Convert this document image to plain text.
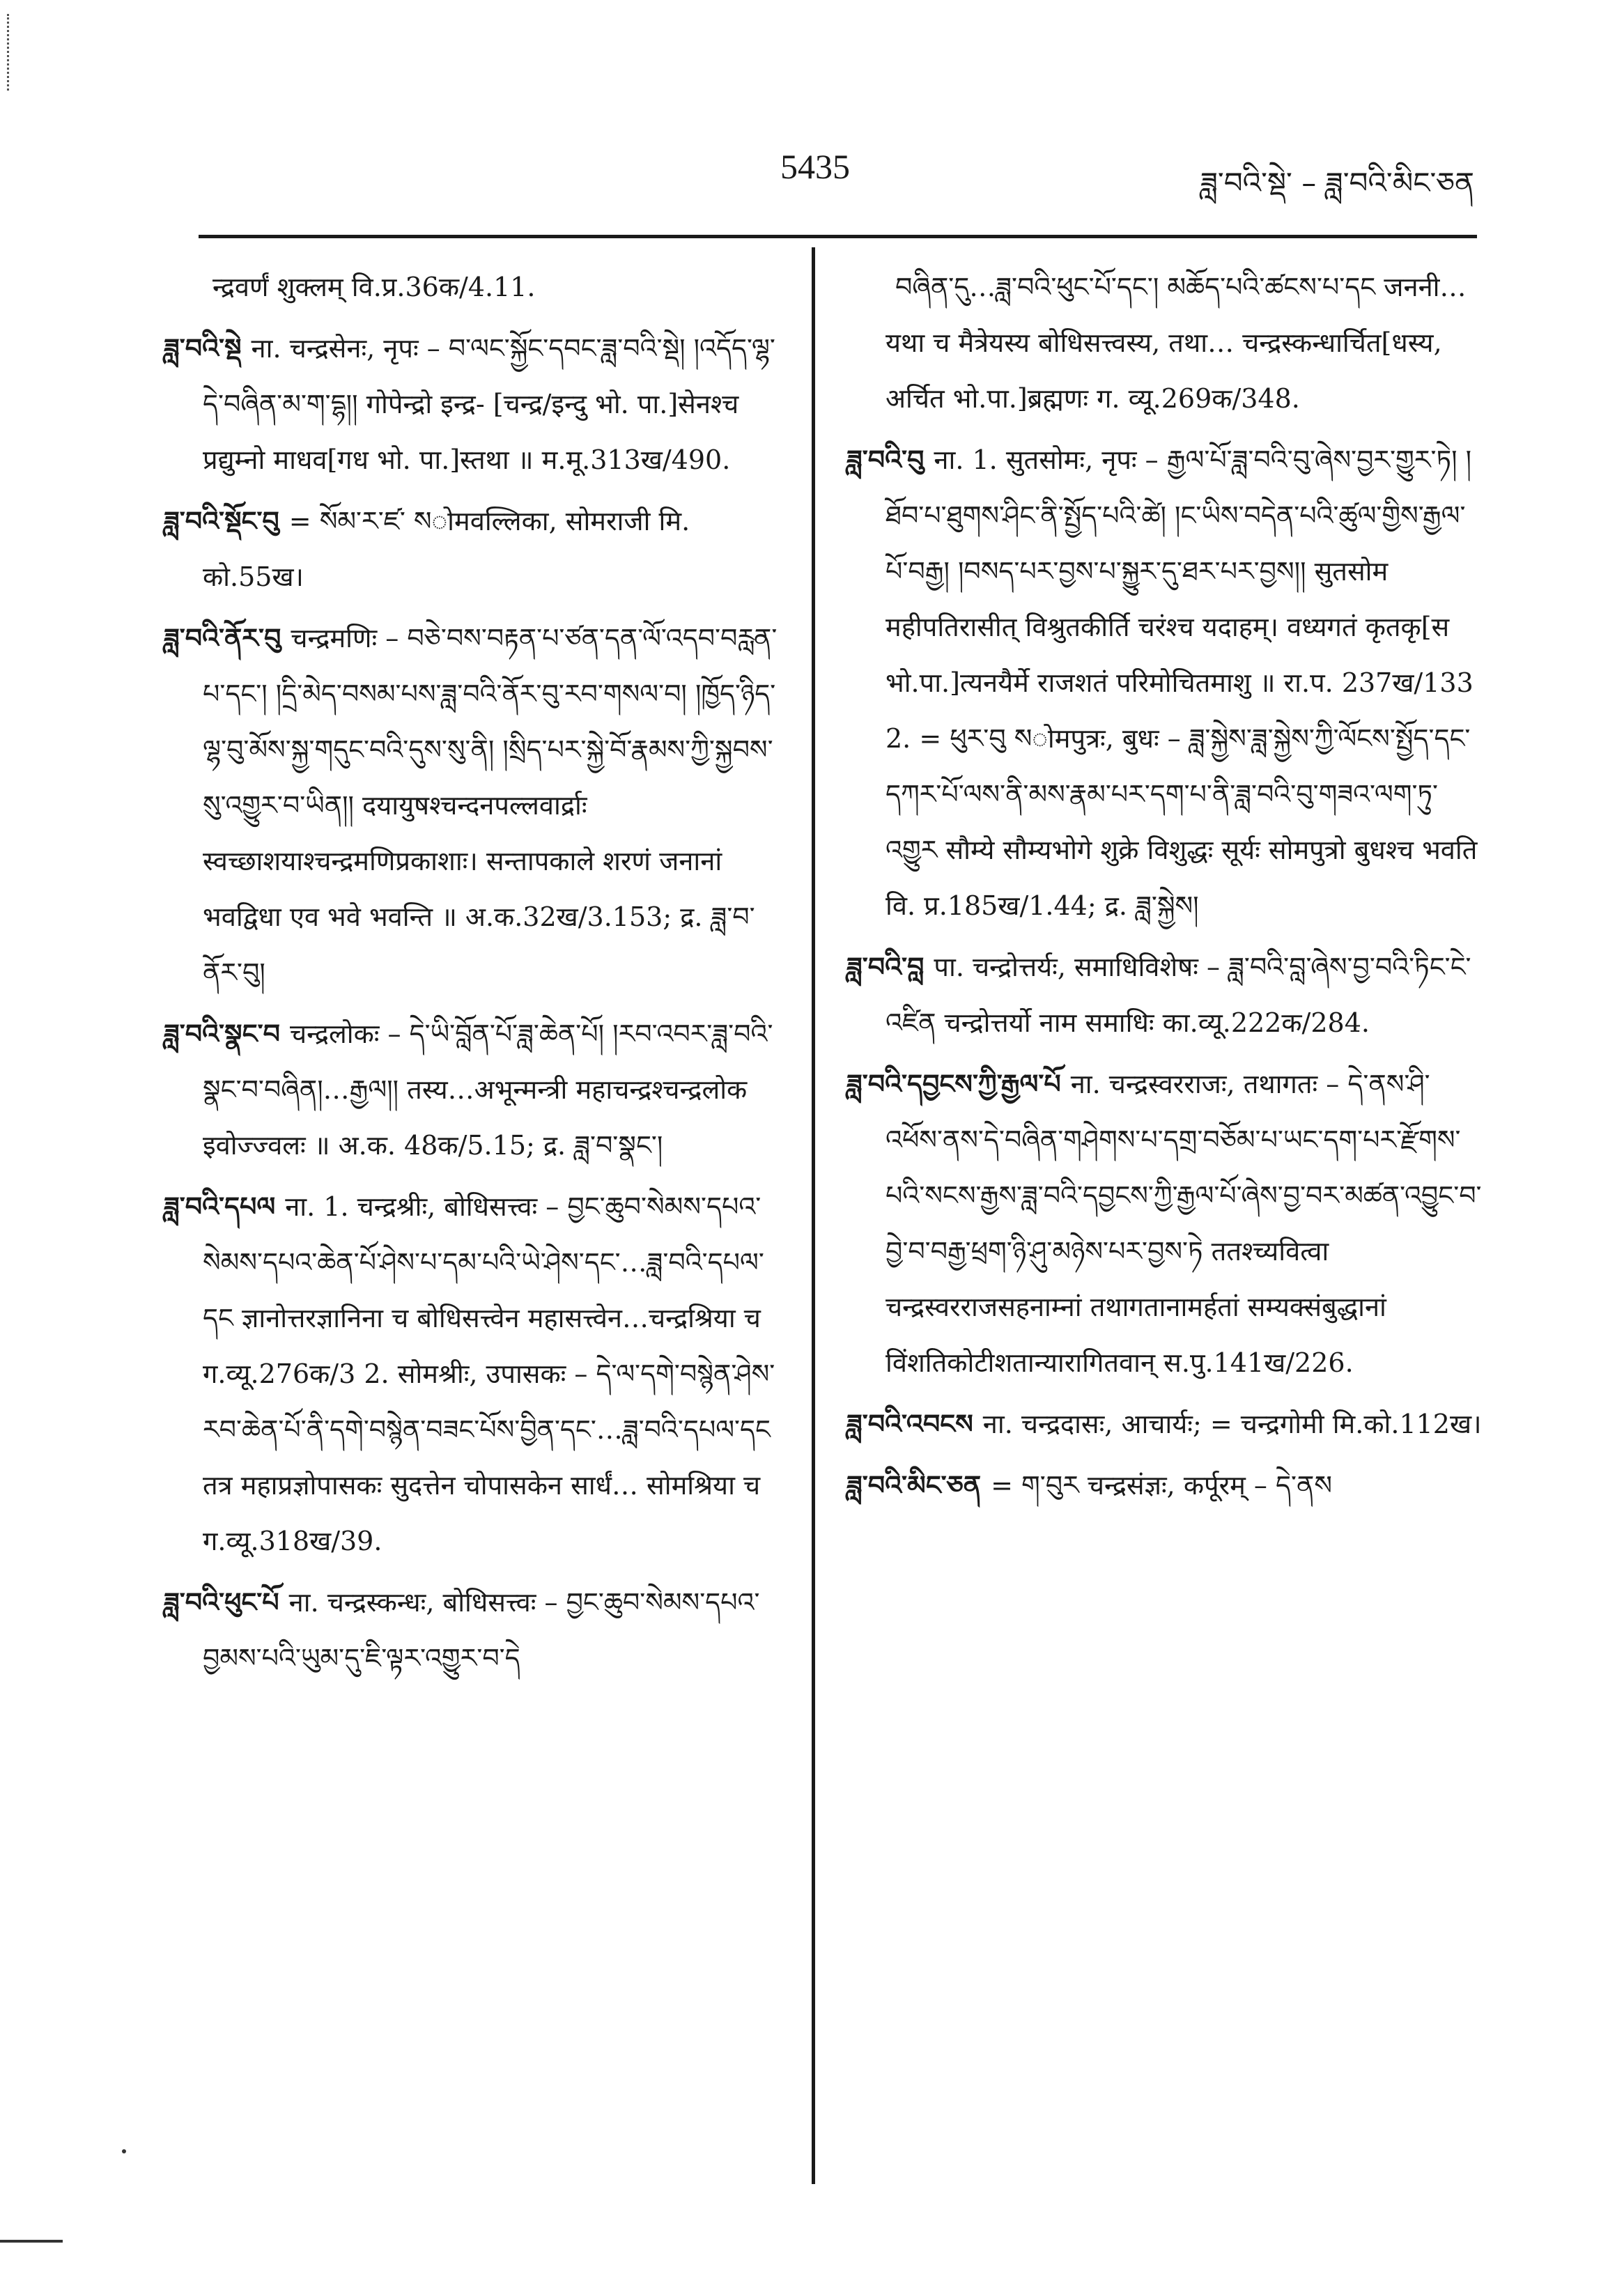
5435	ཟླ་བའི་སྡེ་ – ཟླ་བའི་མིང་ཅན

न्द्रवर्णं शुक्लम् वि.प्र.36क/4.11.

ཟླ་བའི་སྡེ ना. चन्द्रसेनः, नृपः – བ་ལང་སྐྱོང་དབང་ཟླ་བའི་སྡེ། །འདོད་ལྷ་དེ་བཞིན་མ་ག་དྷ།། गोपेन्द्रो इन्द्र- [चन्द्र/इन्दु भो. पा.]सेनश्च प्रद्युम्नो माधव[गध भो. पा.]स्तथा ॥ म.मू.313ख/490.

ཟླ་བའི་སྡོང་བུ = སོམ་ར་ཛ་ སोमवल्लिका, सोमराजी मि. को.55ख।

ཟླ་བའི་ནོར་བུ चन्द्रमणिः – བཅེ་བས་བརྟན་པ་ཙན་དན་ལོ་འདབ་བརླན་པ་དང་། །དྲི་མེད་བསམ་པས་ཟླ་བའི་ནོར་བུ་རབ་གསལ་བ། །ཁྱོད་ཉིད་ལྷ་བུ་མོས་སྐྱ་གདུང་བའི་དུས་སུ་ནི། །སྲིད་པར་སྐྱེ་བོ་རྣམས་ཀྱི་སྐྱབས་སུ་འགྱུར་བ་ཡིན།། दयायुषश्चन्दनपल्लवार्द्राः स्वच्छाशयाश्चन्द्रमणिप्रकाशाः। सन्तापकाले शरणं जनानां भवद्विधा एव भवे भवन्ति ॥ अ.क.32ख/3.153; द्र. ཟླ་བ་ནོར་བུ།

ཟླ་བའི་སྣང་བ चन्द्रलोकः – དེ་ཡི་བློན་པོ་ཟླ་ཆེན་པོ། །རབ་འབར་ཟླ་བའི་སྣང་བ་བཞིན།…རྒྱལ།། तस्य…अभून्मन्त्री महाचन्द्रश्चन्द्रलोक इवोज्ज्वलः ॥ अ.क. 48क/5.15; द्र. ཟླ་བ་སྣང་།

ཟླ་བའི་དཔལ ना. 1. चन्द्रश्रीः, बोधिसत्त्वः – བྱང་ཆུབ་སེམས་དཔའ་སེམས་དཔའ་ཆེན་པོ་ཤེས་པ་དམ་པའི་ཡེ་ཤེས་དང་…ཟླ་བའི་དཔལ་དང ज्ञानोत्तरज्ञानिना च बोधिसत्त्वेन महासत्त्वेन…चन्द्रश्रिया च ग.व्यू.276क/3 2. सोमश्रीः, उपासकः – དེ་ལ་དགེ་བསྙེན་ཤེས་རབ་ཆེན་པོ་ནི་དགེ་བསྙེན་བཟང་པོས་བྱིན་དང་…ཟླ་བའི་དཔལ་དང तत्र महाप्रज्ञोपासकः सुदत्तेन चोपासकेन सार्धं… सोमश्रिया च ग.व्यू.318ख/39.

ཟླ་བའི་ཕུང་པོ ना. चन्द्रस्कन्धः, बोधिसत्त्वः – བྱང་ཆུབ་སེམས་དཔའ་བྱམས་པའི་ཡུམ་དུ་ཇི་ལྟར་འགྱུར་བ་དེ

བཞིན་དུ…ཟླ་བའི་ཕུང་པོ་དང་། མཆོད་པའི་ཚངས་པ་དང जननी… यथा च मैत्रेयस्य बोधिसत्त्वस्य, तथा… चन्द्रस्कन्धार्चित[धस्य, अर्चित भो.पा.]ब्रह्मणः ग. व्यू.269क/348.

ཟླ་བའི་བུ ना. 1. सुतसोमः, नृपः – རྒྱལ་པོ་ཟླ་བའི་བུ་ཞེས་བྱར་གྱུར་ཏེ། །ཐོབ་པ་ཐུགས་ཤིང་ནི་སྤྱོད་པའི་ཚེ། །ང་ཡིས་བདེན་པའི་ཚུལ་གྱིས་རྒྱལ་པོ་བརྒྱ། །བསད་པར་བྱས་པ་སྐྱུར་དུ་ཐར་པར་བྱས།། सुतसोम महीपतिरासीत् विश्रुतकीर्ति चरंश्च यदाहम्। वध्यगतं कृतकृ[स भो.पा.]त्यनयैर्मे राजशतं परिमोचितमाशु ॥ रा.प. 237ख/133 2. = ཕུར་བུ སोमपुत्रः, बुधः – ཟླ་སྐྱེས་ཟླ་སྐྱེས་ཀྱི་ལོངས་སྤྱོད་དང་དཀར་པོ་ལས་ནི་མས་རྣམ་པར་དག་པ་ནི་ཟླ་བའི་བུ་གཟའ་ལག་ཏུ་འགྱུར सौम्ये सौम्यभोगे शुक्रे विशुद्धः सूर्यः सोमपुत्रो बुधश्च भवति वि. प्र.185ख/1.44; द्र. ཟླ་སྐྱེས།

ཟླ་བའི་བླ पा. चन्द्रोत्तर्यः, समाधिविशेषः – ཟླ་བའི་བླ་ཞེས་བྱ་བའི་ཏིང་ངེ་འཛིན चन्द्रोत्तर्यो नाम समाधिः का.व्यू.222क/284.

ཟླ་བའི་དབྱངས་ཀྱི་རྒྱལ་པོ ना. चन्द्रस्वरराजः, तथागतः – དེ་ནས་ཤི་འཕོས་ནས་དེ་བཞིན་གཤེགས་པ་དགྲ་བཅོམ་པ་ཡང་དག་པར་རྫོགས་པའི་སངས་རྒྱས་ཟླ་བའི་དབྱངས་ཀྱི་རྒྱལ་པོ་ཞེས་བྱ་བར་མཚན་འབྱུང་བ་བྱེ་བ་བརྒྱ་ཕྲག་ཉི་ཤུ་མཉེས་པར་བྱས་ཏེ ततश्च्यवित्वा चन्द्रस्वरराजसहनाम्नां तथागतानामर्हतां सम्यक्संबुद्धानां विंशतिकोटीशतान्यारागितवान् स.पु.141ख/226.

ཟླ་བའི་འབངས ना. चन्द्रदासः, आचार्यः; = चन्द्रगोमी मि.को.112ख।

ཟླ་བའི་མིང་ཅན = ག་བུར चन्द्रसंज्ञः, कर्पूरम् – དེ་ནས
